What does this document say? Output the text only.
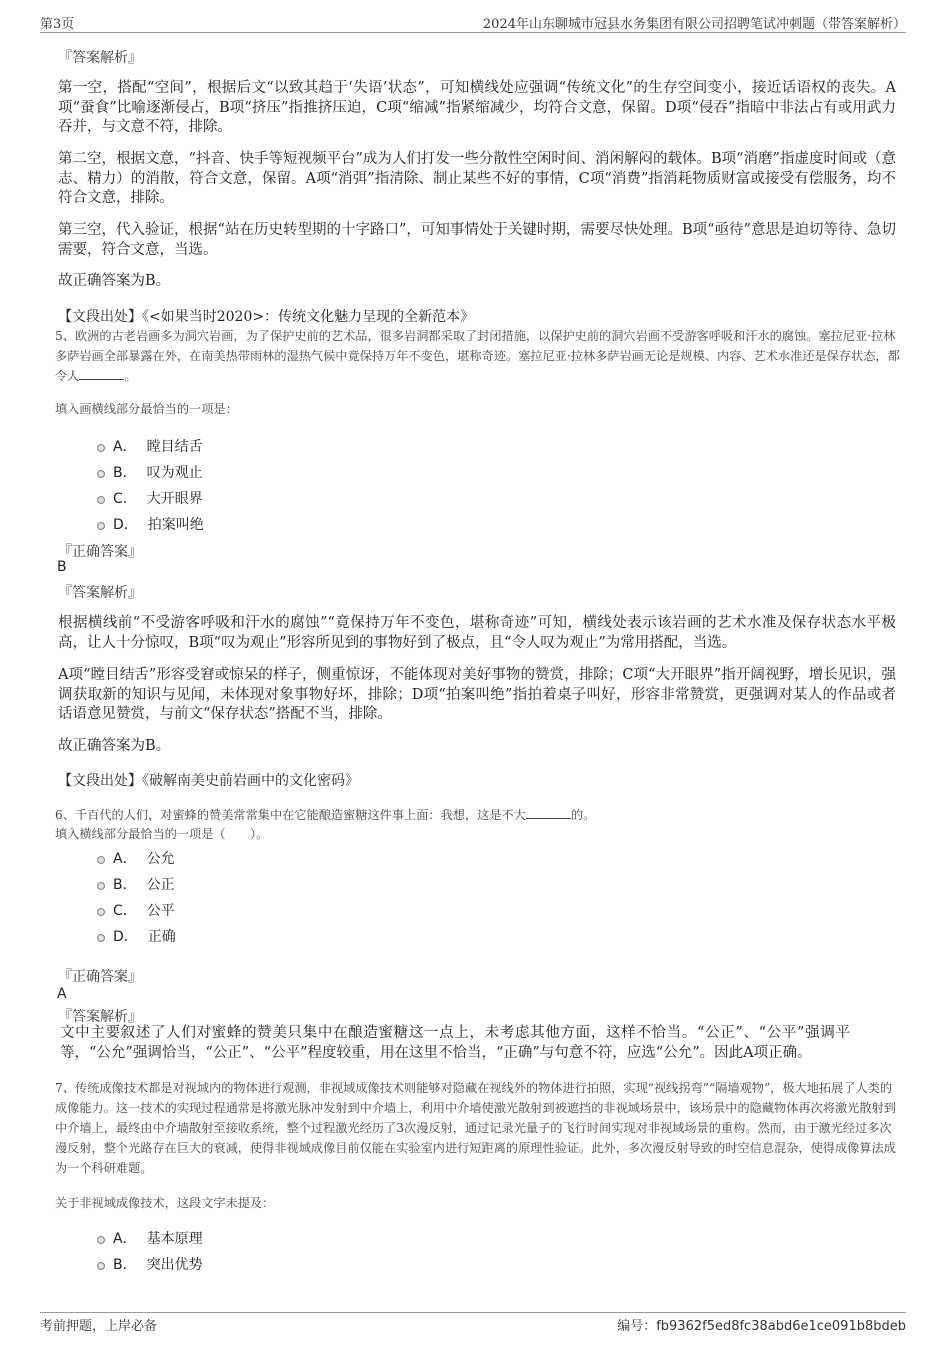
第3页	2024年山东聊城市冠县水务集团有限公司招聘笔试冲刺题（带答案解析）
『答案解析』
第一空，搭配“空间”，根据后文“以致其趋于‘失语’状态”，可知横线处应强调“传统文化”的生存空间变小，接近话语权的丧失。A项“蚕食”比喻逐渐侵占，B项“挤压”指推挤压迫，C项“缩减”指紧缩减少，均符合文意，保留。D项“侵吞”指暗中非法占有或用武力吞并，与文意不符，排除。
第二空，根据文意，“抖音、快手等短视频平台”成为人们打发一些分散性空闲时间、消闲解闷的载体。B项“消磨”指虚度时间或（意志、精力）的消散，符合文意，保留。A项“消弭”指清除、制止某些不好的事情，C项“消费”指消耗物质财富或接受有偿服务，均不符合文意，排除。
第三空，代入验证，根据“站在历史转型期的十字路口”，可知事情处于关键时期，需要尽快处理。B项“亟待”意思是迫切等待、急切需要，符合文意，当选。
故正确答案为B。
【文段出处】《<如果当时2020>：传统文化魅力呈现的全新范本》
5、欧洲的古老岩画多为洞穴岩画，为了保护史前的艺术品，很多岩洞都采取了封闭措施，以保护史前的洞穴岩画不受游客呼吸和汗水的腐蚀。塞拉尼亚·拉林多萨岩画全部暴露在外，在南美热带雨林的湿热气候中竟保持万年不变色，堪称奇迹。塞拉尼亚·拉林多萨岩画无论是规模、内容、艺术水准还是保存状态，都令人	。
填入画横线部分最恰当的一项是：
A． 瞠目结舌
B． 叹为观止
C． 大开眼界
D． 拍案叫绝
『正确答案』
B
『答案解析』
根据横线前“不受游客呼吸和汗水的腐蚀”“竟保持万年不变色，堪称奇迹”可知，横线处表示该岩画的艺术水准及保存状态水平极高，让人十分惊叹，B项“叹为观止”形容所见到的事物好到了极点，且“令人叹为观止”为常用搭配，当选。
A项“瞠目结舌”形容受窘或惊呆的样子，侧重惊讶，不能体现对美好事物的赞赏，排除；C项“大开眼界”指开阔视野，增长见识，强调获取新的知识与见闻，未体现对象事物好坏，排除；D项“拍案叫绝”指拍着桌子叫好，形容非常赞赏，更强调对某人的作品或者话语意见赞赏，与前文“保存状态”搭配不当，排除。
故正确答案为B。
【文段出处】《破解南美史前岩画中的文化密码》
6、千百代的人们，对蜜蜂的赞美常常集中在它能酿造蜜糖这件事上面：我想，这是不大	的。
填入横线部分最恰当的一项是（　　）。
A． 公允
B． 公正
C． 公平
D． 正确
『正确答案』
A
『答案解析』
文中主要叙述了人们对蜜蜂的赞美只集中在酿造蜜糖这一点上，未考虑其他方面，这样不恰当。“公正”、“公平”强调平等，“公允”强调恰当，“公正”、“公平”程度较重，用在这里不恰当，“正确”与句意不符，应选“公允”。因此A项正确。
7、传统成像技术都是对视域内的物体进行观测，非视域成像技术则能够对隐藏在视线外的物体进行拍照，实现“视线拐弯”“隔墙观物”，极大地拓展了人类的成像能力。这一技术的实现过程通常是将激光脉冲发射到中介墙上，利用中介墙使激光散射到被遮挡的非视域场景中，该场景中的隐藏物体再次将激光散射到中介墙上，最终由中介墙散射至接收系统，整个过程激光经历了3次漫反射，通过记录光量子的飞行时间实现对非视域场景的重构。然而，由于激光经过多次漫反射，整个光路存在巨大的衰减，使得非视域成像目前仅能在实验室内进行短距离的原理性验证。此外，多次漫反射导致的时空信息混杂，使得成像算法成为一个科研难题。
关于非视域成像技术，这段文字未提及：
A． 基本原理
B． 突出优势
考前押题，上岸必备	编号：fb9362f5ed8fc38abd6e1ce091b8bdeb
